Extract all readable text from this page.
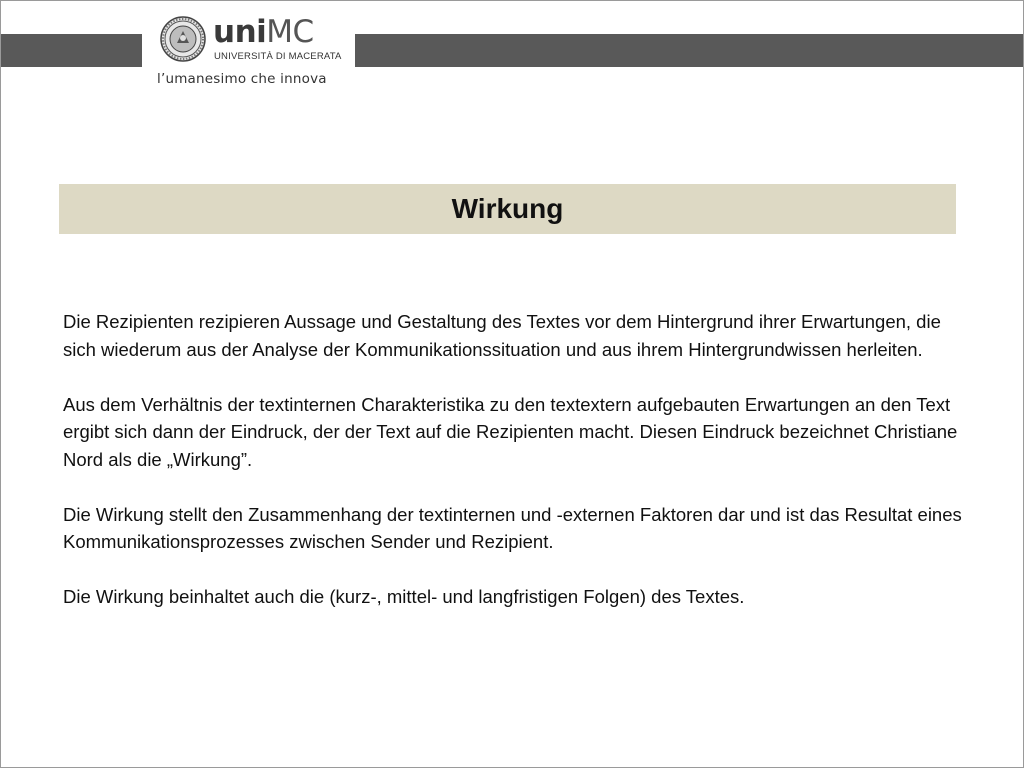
uniMC
UNIVERSITÀ DI MACERATA
l’umanesimo che innova
Wirkung

Die Rezipienten rezipieren Aussage und Gestaltung des Textes vor dem Hintergrund ihrer Erwartungen, die sich wiederum aus der Analyse der Kommunikationssituation und aus ihrem Hintergrundwissen herleiten.

Aus dem Verhältnis der textinternen Charakteristika zu den textextern aufgebauten Erwartungen an den Text ergibt sich dann der Eindruck, der der Text auf die Rezipienten macht. Diesen Eindruck bezeichnet Christiane Nord als die „Wirkung”.

Die Wirkung stellt den Zusammenhang der textinternen und -externen Faktoren dar und ist das Resultat eines Kommunikationsprozesses zwischen Sender und Rezipient.

Die Wirkung beinhaltet auch die (kurz-, mittel- und langfristigen Folgen) des Textes.
